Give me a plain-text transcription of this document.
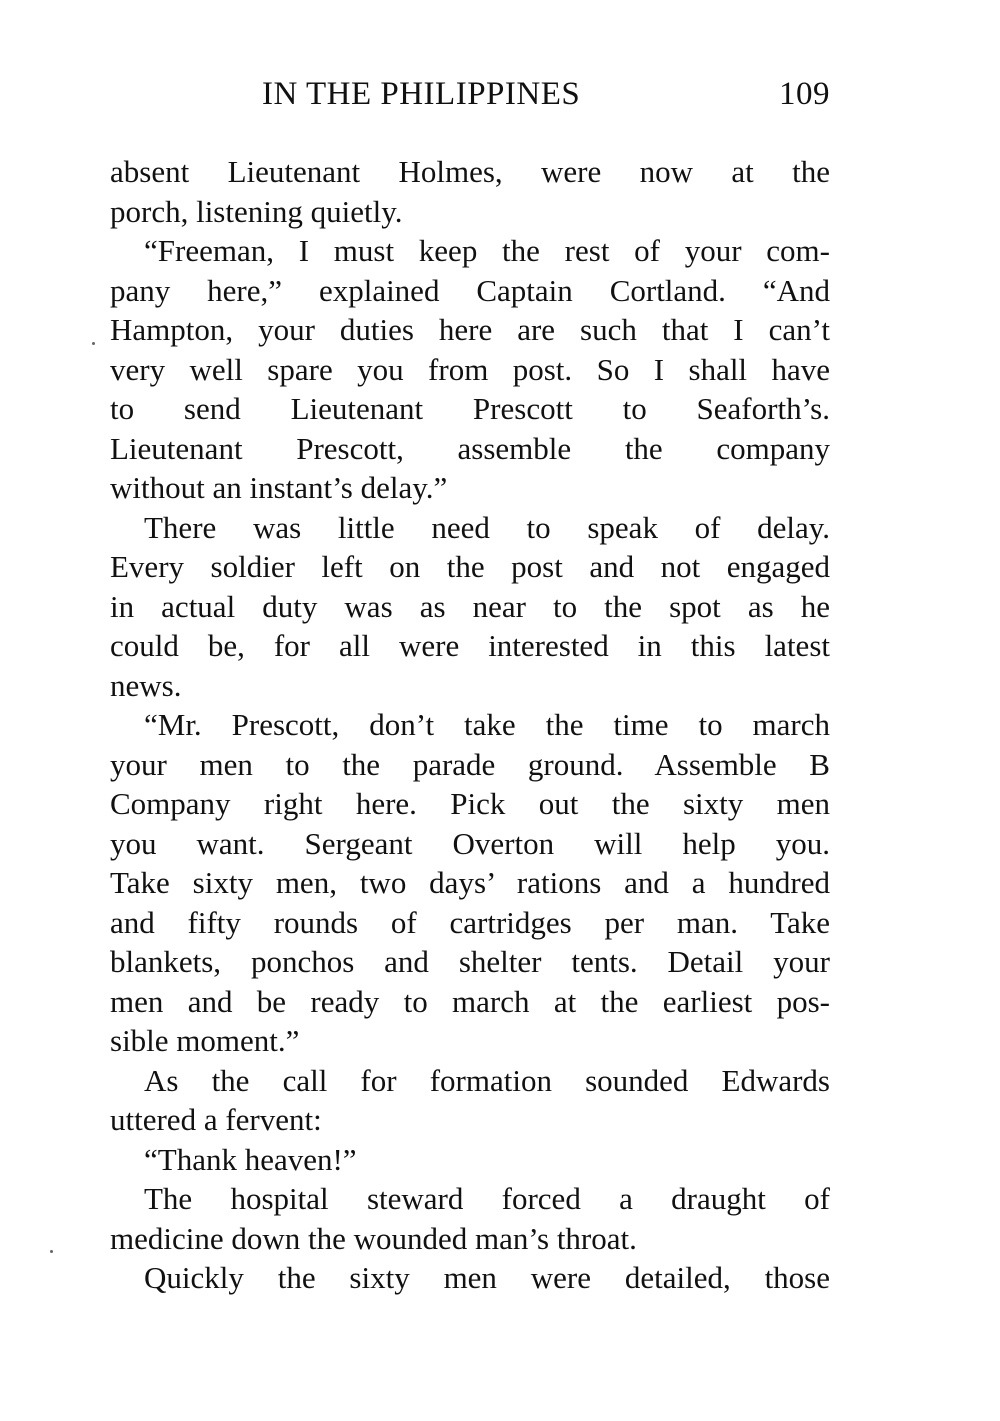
IN THE PHILIPPINES	109
absent Lieutenant Holmes, were now at the
porch, listening quietly.
“Freeman, I must keep the rest of your com-
pany here,” explained Captain Cortland. “And
Hampton, your duties here are such that I can’t
very well spare you from post. So I shall have
to send Lieutenant Prescott to Seaforth’s.
Lieutenant Prescott, assemble the company
without an instant’s delay.”
There was little need to speak of delay.
Every soldier left on the post and not engaged
in actual duty was as near to the spot as he
could be, for all were interested in this latest
news.
“Mr. Prescott, don’t take the time to march
your men to the parade ground. Assemble B
Company right here. Pick out the sixty men
you want. Sergeant Overton will help you.
Take sixty men, two days’ rations and a hundred
and fifty rounds of cartridges per man. Take
blankets, ponchos and shelter tents. Detail your
men and be ready to march at the earliest pos-
sible moment.”
As the call for formation sounded Edwards
uttered a fervent:
“Thank heaven!”
The hospital steward forced a draught of
medicine down the wounded man’s throat.
Quickly the sixty men were detailed, those
